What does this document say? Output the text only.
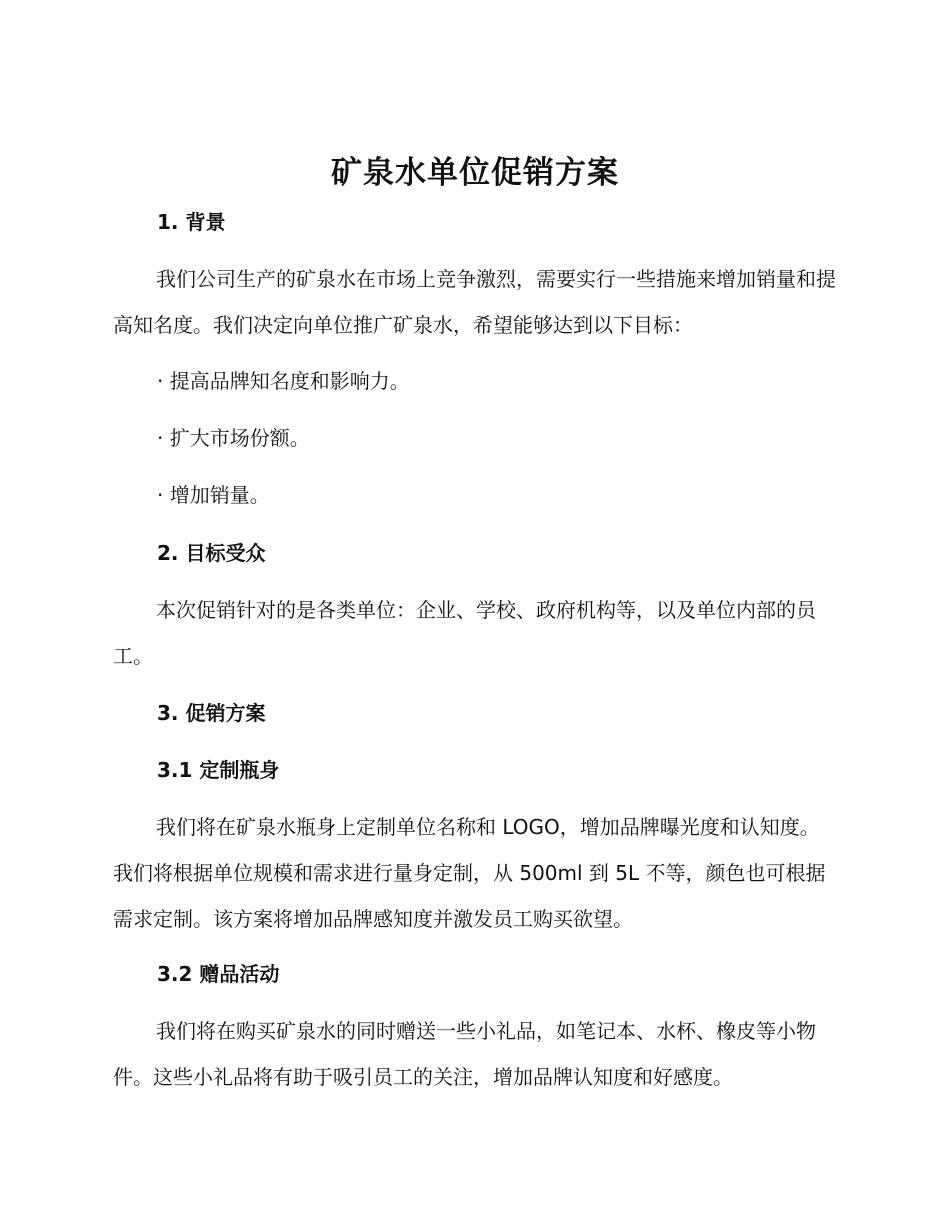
矿泉水单位促销方案
1. 背景

我们公司生产的矿泉水在市场上竞争激烈，需要实行一些措施来增加销量和提高知名度。我们决定向单位推广矿泉水，希望能够达到以下目标：

· 提高品牌知名度和影响力。
· 扩大市场份额。
· 增加销量。
2. 目标受众

本次促销针对的是各类单位：企业、学校、政府机构等，以及单位内部的员工。

3. 促销方案
3.1 定制瓶身

我们将在矿泉水瓶身上定制单位名称和 LOGO，增加品牌曝光度和认知度。我们将根据单位规模和需求进行量身定制，从 500ml 到 5L 不等，颜色也可根据需求定制。该方案将增加品牌感知度并激发员工购买欲望。

3.2 赠品活动

我们将在购买矿泉水的同时赠送一些小礼品，如笔记本、水杯、橡皮等小物件。这些小礼品将有助于吸引员工的关注，增加品牌认知度和好感度。
